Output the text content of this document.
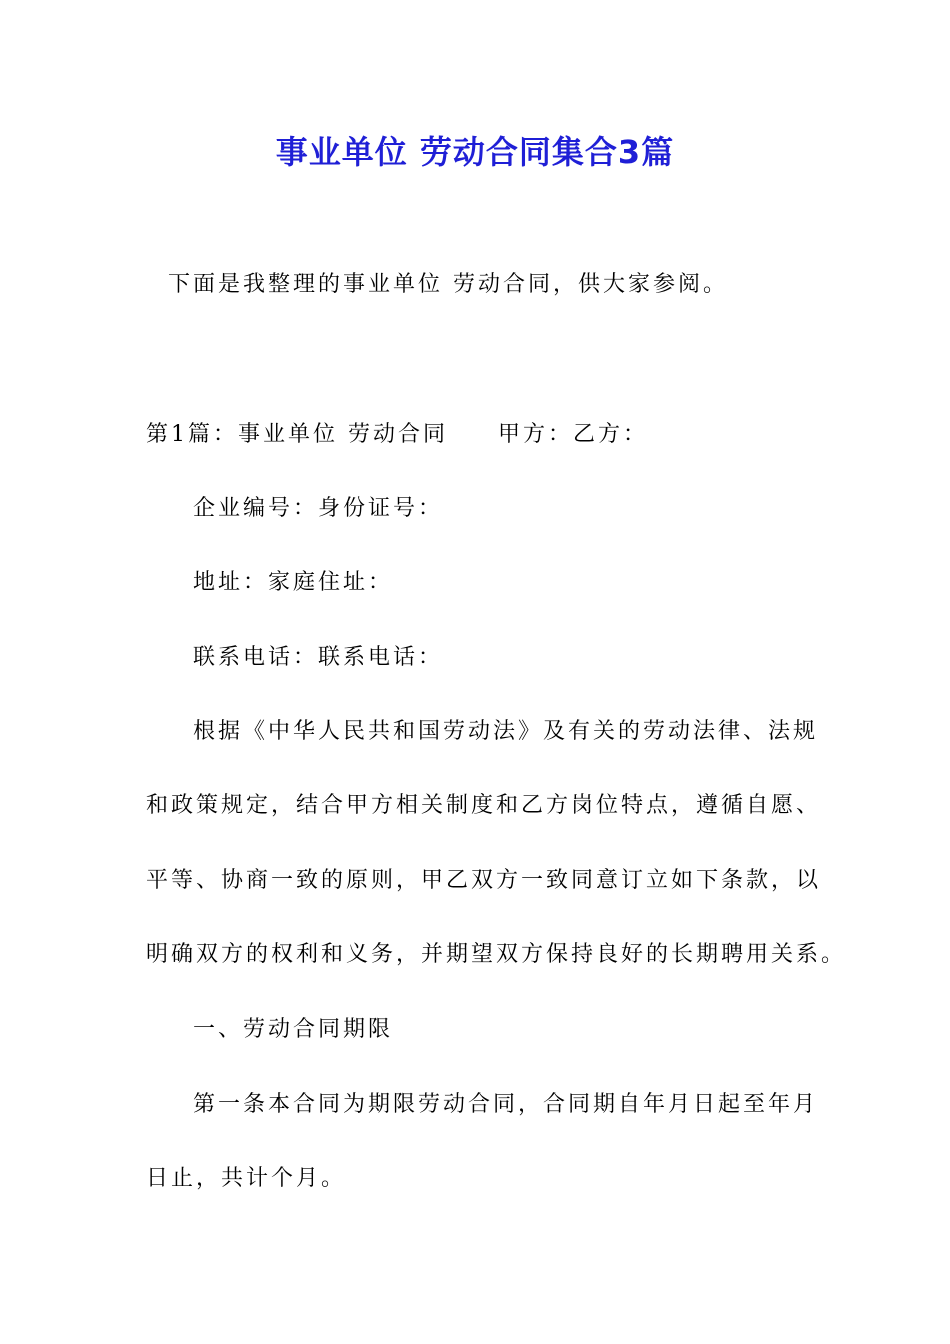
事业单位 劳动合同集合3篇
下面是我整理的事业单位 劳动合同，供大家参阅。
第1篇：事业单位 劳动合同 甲方：乙方：
企业编号：身份证号：
地址：家庭住址：
联系电话：联系电话：
根据《中华人民共和国劳动法》及有关的劳动法律、法规
和政策规定，结合甲方相关制度和乙方岗位特点，遵循自愿、
平等、协商一致的原则，甲乙双方一致同意订立如下条款，以
明确双方的权利和义务，并期望双方保持良好的长期聘用关系。
一、劳动合同期限
第一条本合同为期限劳动合同，合同期自年月日起至年月
日止，共计个月。
